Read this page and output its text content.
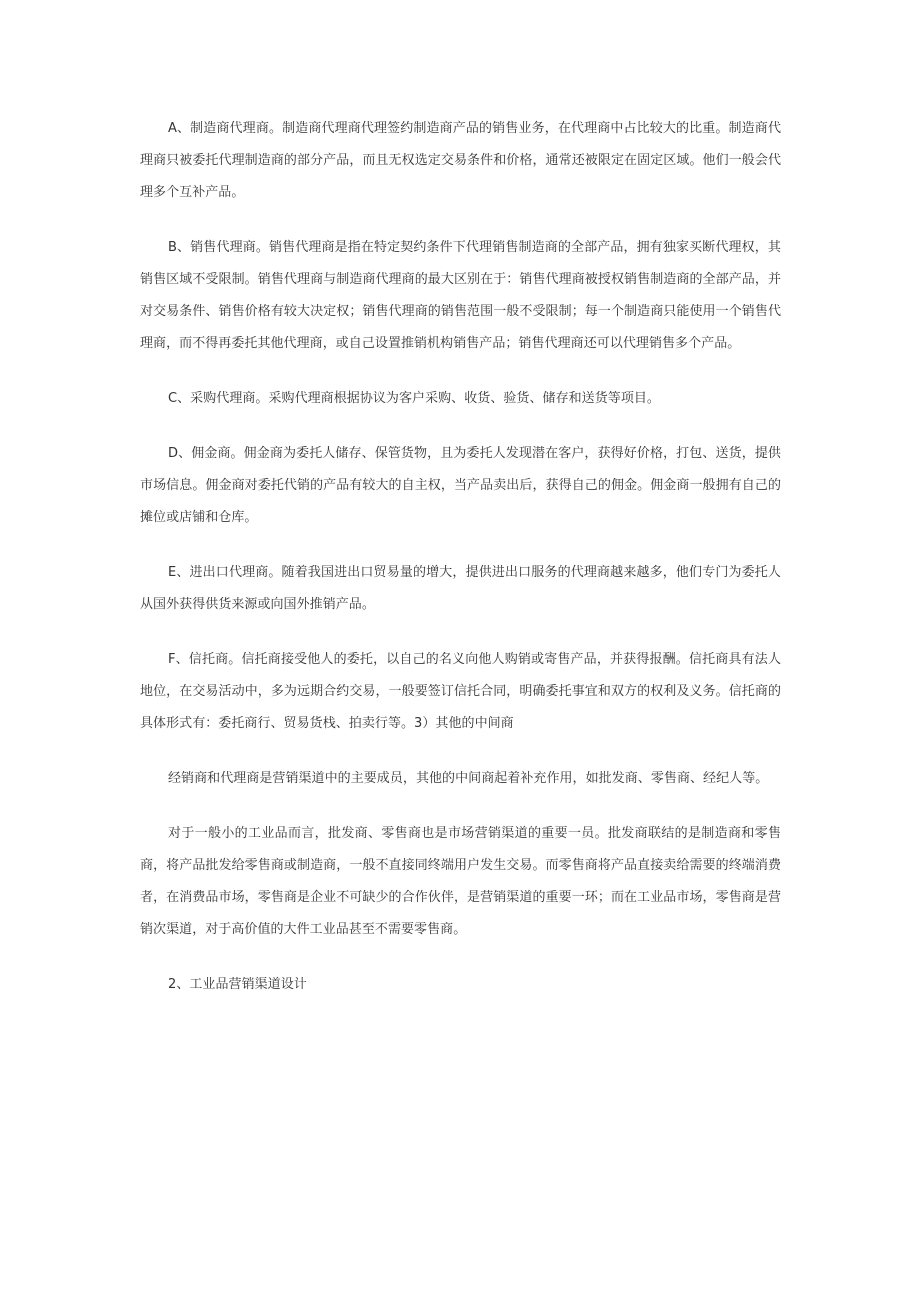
A、制造商代理商。制造商代理商代理签约制造商产品的销售业务，在代理商中占比较大的比重。制造商代理商只被委托代理制造商的部分产品，而且无权选定交易条件和价格，通常还被限定在固定区域。他们一般会代理多个互补产品。

B、销售代理商。销售代理商是指在特定契约条件下代理销售制造商的全部产品，拥有独家买断代理权，其销售区域不受限制。销售代理商与制造商代理商的最大区别在于：销售代理商被授权销售制造商的全部产品，并对交易条件、销售价格有较大决定权；销售代理商的销售范围一般不受限制；每一个制造商只能使用一个销售代理商，而不得再委托其他代理商，或自己设置推销机构销售产品；销售代理商还可以代理销售多个产品。

C、采购代理商。采购代理商根据协议为客户采购、收货、验货、储存和送货等项目。

D、佣金商。佣金商为委托人储存、保管货物，且为委托人发现潜在客户，获得好价格，打包、送货，提供市场信息。佣金商对委托代销的产品有较大的自主权，当产品卖出后，获得自己的佣金。佣金商一般拥有自己的摊位或店铺和仓库。

E、进出口代理商。随着我国进出口贸易量的增大，提供进出口服务的代理商越来越多，他们专门为委托人从国外获得供货来源或向国外推销产品。

F、信托商。信托商接受他人的委托，以自己的名义向他人购销或寄售产品，并获得报酬。信托商具有法人地位，在交易活动中，多为远期合约交易，一般要签订信托合同，明确委托事宜和双方的权利及义务。信托商的具体形式有：委托商行、贸易货栈、拍卖行等。3）其他的中间商

经销商和代理商是营销渠道中的主要成员，其他的中间商起着补充作用，如批发商、零售商、经纪人等。

对于一般小的工业品而言，批发商、零售商也是市场营销渠道的重要一员。批发商联结的是制造商和零售商，将产品批发给零售商或制造商，一般不直接同终端用户发生交易。而零售商将产品直接卖给需要的终端消费者，在消费品市场，零售商是企业不可缺少的合作伙伴，是营销渠道的重要一环；而在工业品市场，零售商是营销次渠道，对于高价值的大件工业品甚至不需要零售商。

2、工业品营销渠道设计
